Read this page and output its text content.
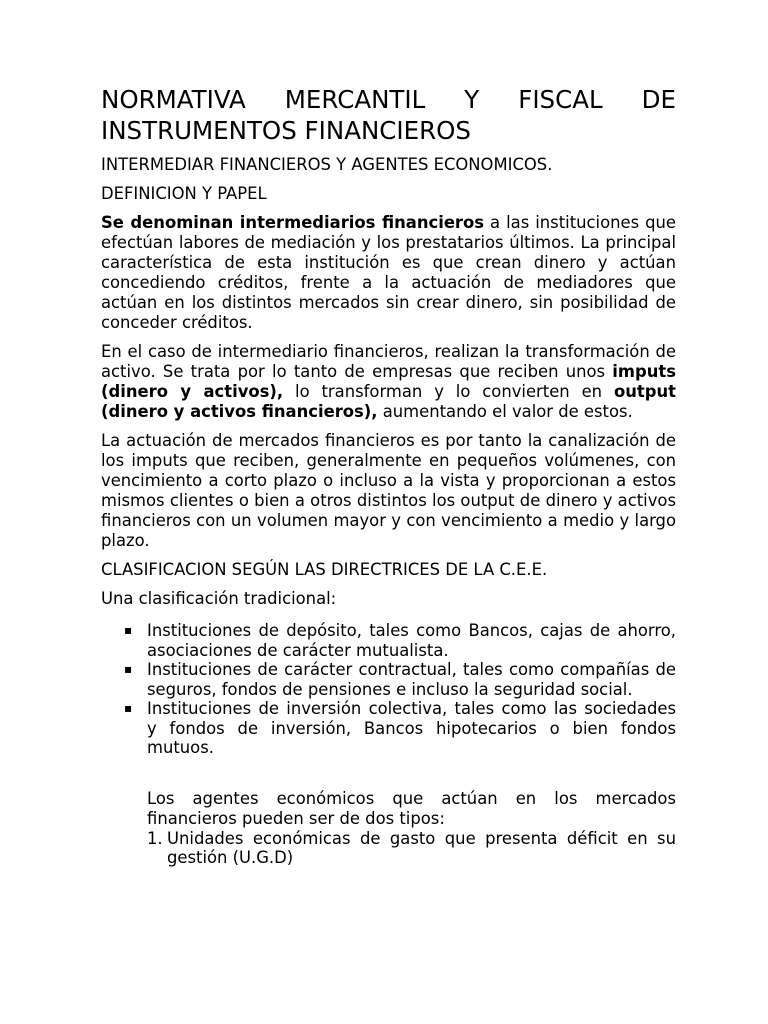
NORMATIVA MERCANTIL Y FISCAL DE INSTRUMENTOS FINANCIEROS

INTERMEDIAR FINANCIEROS Y AGENTES ECONOMICOS.

DEFINICION Y PAPEL

Se denominan intermediarios financieros a las instituciones que efectúan labores de mediación y los prestatarios últimos. La principal característica de esta institución es que crean dinero y actúan concediendo créditos, frente a la actuación de mediadores que actúan en los distintos mercados sin crear dinero, sin posibilidad de conceder créditos.

En el caso de intermediario financieros, realizan la transformación de activo. Se trata por lo tanto de empresas que reciben unos imputs (dinero y activos), lo transforman y lo convierten en output (dinero y activos financieros), aumentando el valor de estos.

La actuación de mercados financieros es por tanto la canalización de los imputs que reciben, generalmente en pequeños volúmenes, con vencimiento a corto plazo o incluso a la vista y proporcionan a estos mismos clientes o bien a otros distintos los output de dinero y activos financieros con un volumen mayor y con vencimiento a medio y largo plazo.

CLASIFICACION SEGÚN LAS DIRECTRICES DE LA C.E.E.

Una clasificación tradicional:

▪ Instituciones de depósito, tales como Bancos, cajas de ahorro, asociaciones de carácter mutualista.
▪ Instituciones de carácter contractual, tales como compañías de seguros, fondos de pensiones e incluso la seguridad social.
▪ Instituciones de inversión colectiva, tales como las sociedades y fondos de inversión, Bancos hipotecarios o bien fondos mutuos.

Los agentes económicos que actúan en los mercados financieros pueden ser de dos tipos:

1. Unidades económicas de gasto que presenta déficit en su gestión (U.G.D)
